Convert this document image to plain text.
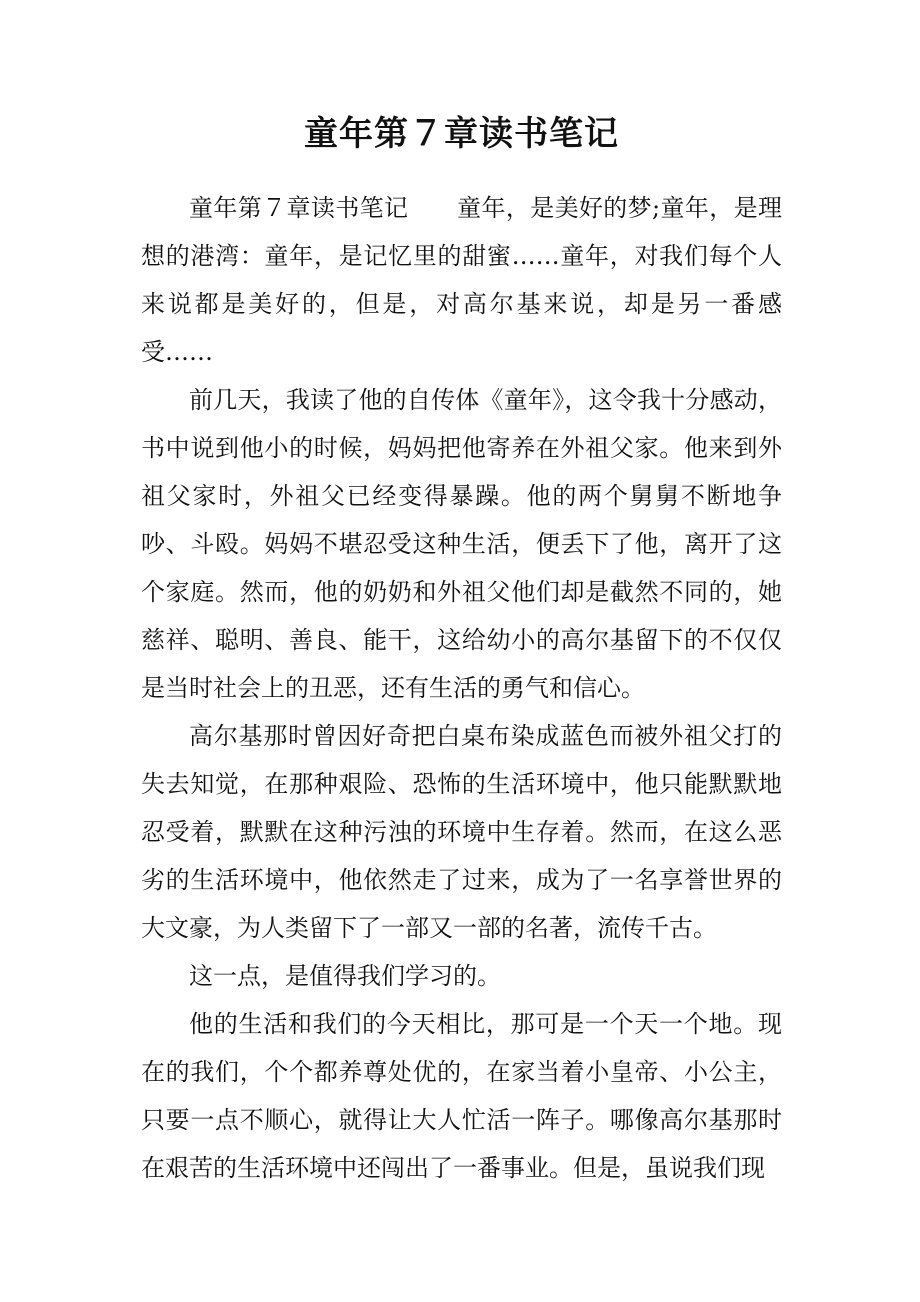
童年第７章读书笔记

童年第７章读书笔记　　童年，是美好的梦;童年，是理想的港湾：童年，是记忆里的甜蜜……童年，对我们每个人来说都是美好的，但是，对高尔基来说，却是另一番感受……

前几天，我读了他的自传体《童年》，这令我十分感动，书中说到他小的时候，妈妈把他寄养在外祖父家。他来到外祖父家时，外祖父已经变得暴躁。他的两个舅舅不断地争吵、斗殴。妈妈不堪忍受这种生活，便丢下了他，离开了这个家庭。然而，他的奶奶和外祖父他们却是截然不同的，她慈祥、聪明、善良、能干，这给幼小的高尔基留下的不仅仅是当时社会上的丑恶，还有生活的勇气和信心。

高尔基那时曾因好奇把白桌布染成蓝色而被外祖父打的失去知觉，在那种艰险、恐怖的生活环境中，他只能默默地忍受着，默默在这种污浊的环境中生存着。然而，在这么恶劣的生活环境中，他依然走了过来，成为了一名享誉世界的大文豪，为人类留下了一部又一部的名著，流传千古。

这一点，是值得我们学习的。

他的生活和我们的今天相比，那可是一个天一个地。现在的我们，个个都养尊处优的，在家当着小皇帝、小公主，只要一点不顺心，就得让大人忙活一阵子。哪像高尔基那时在艰苦的生活环境中还闯出了一番事业。但是，虽说我们现
